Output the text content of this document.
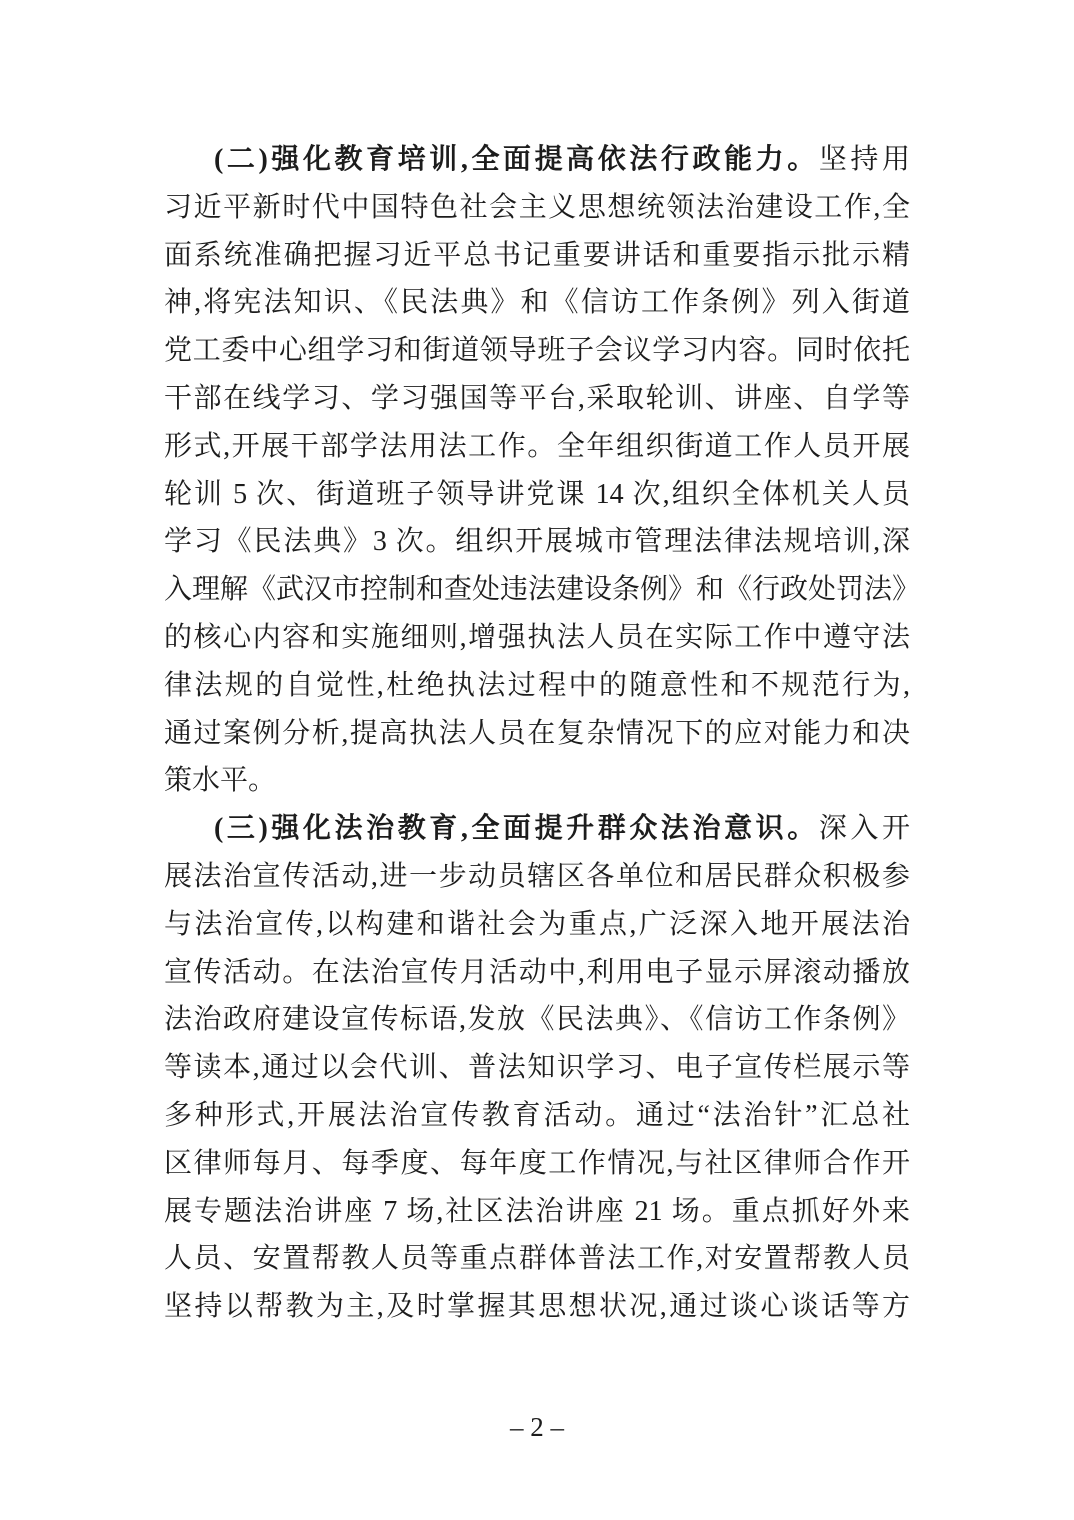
(二)强化教育培训,全面提高依法行政能力。坚持用
习近平新时代中国特色社会主义思想统领法治建设工作,全
面系统准确把握习近平总书记重要讲话和重要指示批示精
神,将宪法知识、《民法典》和《信访工作条例》列入街道
党工委中心组学习和街道领导班子会议学习内容。同时依托
干部在线学习、学习强国等平台,采取轮训、讲座、自学等
形式,开展干部学法用法工作。全年组织街道工作人员开展
轮训 5 次、街道班子领导讲党课 14 次,组织全体机关人员
学习《民法典》3 次。组织开展城市管理法律法规培训,深
入理解《武汉市控制和查处违法建设条例》和《行政处罚法》
的核心内容和实施细则,增强执法人员在实际工作中遵守法
律法规的自觉性,杜绝执法过程中的随意性和不规范行为,
通过案例分析,提高执法人员在复杂情况下的应对能力和决
策水平。
(三)强化法治教育,全面提升群众法治意识。深入开
展法治宣传活动,进一步动员辖区各单位和居民群众积极参
与法治宣传,以构建和谐社会为重点,广泛深入地开展法治
宣传活动。在法治宣传月活动中,利用电子显示屏滚动播放
法治政府建设宣传标语,发放《民法典》、《信访工作条例》
等读本,通过以会代训、普法知识学习、电子宣传栏展示等
多种形式,开展法治宣传教育活动。通过“法治针”汇总社
区律师每月、每季度、每年度工作情况,与社区律师合作开
展专题法治讲座 7 场,社区法治讲座 21 场。重点抓好外来
人员、安置帮教人员等重点群体普法工作,对安置帮教人员
坚持以帮教为主,及时掌握其思想状况,通过谈心谈话等方
– 2 –
